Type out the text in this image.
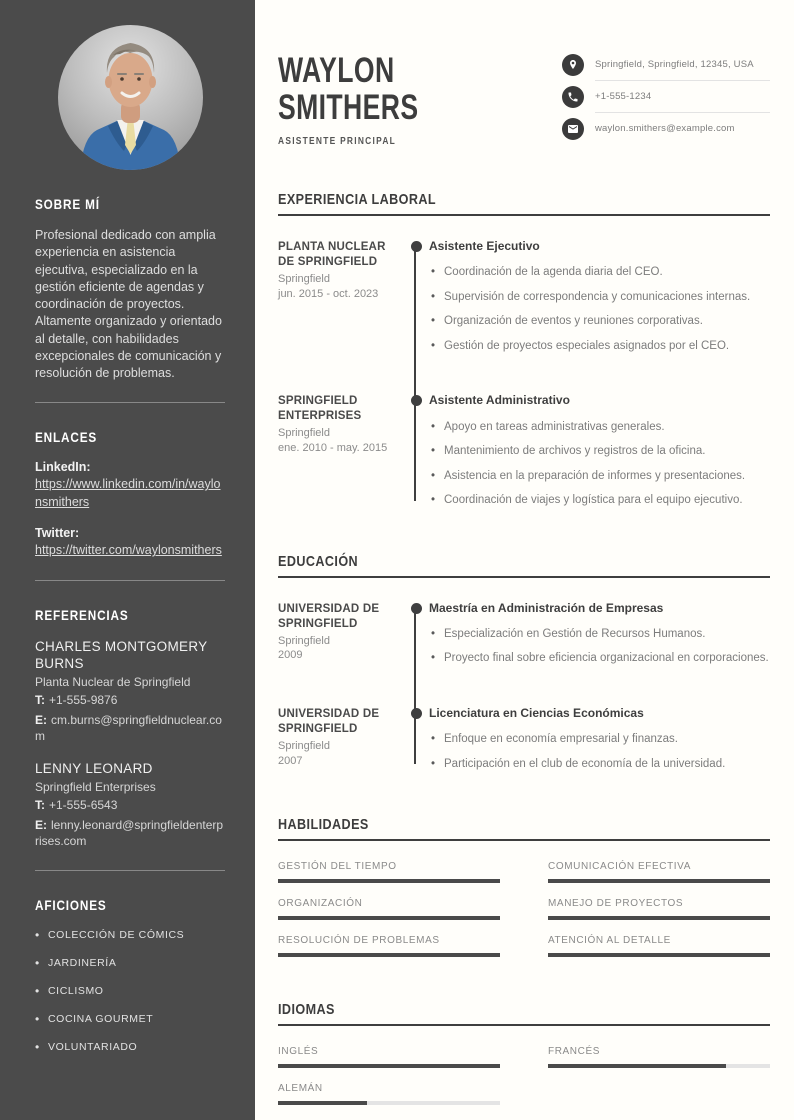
SOBRE MÍ

Profesional dedicado con amplia experiencia en asistencia ejecutiva, especializado en la gestión eficiente de agendas y coordinación de proyectos. Altamente organizado y orientado al detalle, con habilidades excepcionales de comunicación y resolución de problemas.

ENLACES
LinkedIn:
https://www.linkedin.com/in/waylonsmithers
Twitter:
https://twitter.com/waylonsmithers
REFERENCIAS
CHARLES MONTGOMERY BURNS
Planta Nuclear de Springfield
T: +1-555-9876
E: cm.burns@springfieldnuclear.com
LENNY LEONARD
Springfield Enterprises
T: +1-555-6543
E: lenny.leonard@springfieldenterprises.com
AFICIONES
• COLECCIÓN DE CÓMICS
• JARDINERÍA
• CICLISMO
• COCINA GOURMET
• VOLUNTARIADO
WAYLON SMITHERS
ASISTENTE PRINCIPAL
Springfield, Springfield, 12345, USA
+1-555-1234
waylon.smithers@example.com
EXPERIENCIA LABORAL
PLANTA NUCLEAR DE SPRINGFIELD
Springfield
jun. 2015 - oct. 2023
Asistente Ejecutivo
• Coordinación de la agenda diaria del CEO.
• Supervisión de correspondencia y comunicaciones internas.
• Organización de eventos y reuniones corporativas.
• Gestión de proyectos especiales asignados por el CEO.
SPRINGFIELD ENTERPRISES
Springfield
ene. 2010 - may. 2015
Asistente Administrativo
• Apoyo en tareas administrativas generales.
• Mantenimiento de archivos y registros de la oficina.
• Asistencia en la preparación de informes y presentaciones.
• Coordinación de viajes y logística para el equipo ejecutivo.
EDUCACIÓN
UNIVERSIDAD DE SPRINGFIELD
Springfield
2009
Maestría en Administración de Empresas
• Especialización en Gestión de Recursos Humanos.
• Proyecto final sobre eficiencia organizacional en corporaciones.
UNIVERSIDAD DE SPRINGFIELD
Springfield
2007
Licenciatura en Ciencias Económicas
• Enfoque en economía empresarial y finanzas.
• Participación en el club de economía de la universidad.
HABILIDADES
GESTIÓN DEL TIEMPO	COMUNICACIÓN EFECTIVA
ORGANIZACIÓN	MANEJO DE PROYECTOS
RESOLUCIÓN DE PROBLEMAS	ATENCIÓN AL DETALLE
IDIOMAS
INGLÉS	FRANCÉS
ALEMÁN
